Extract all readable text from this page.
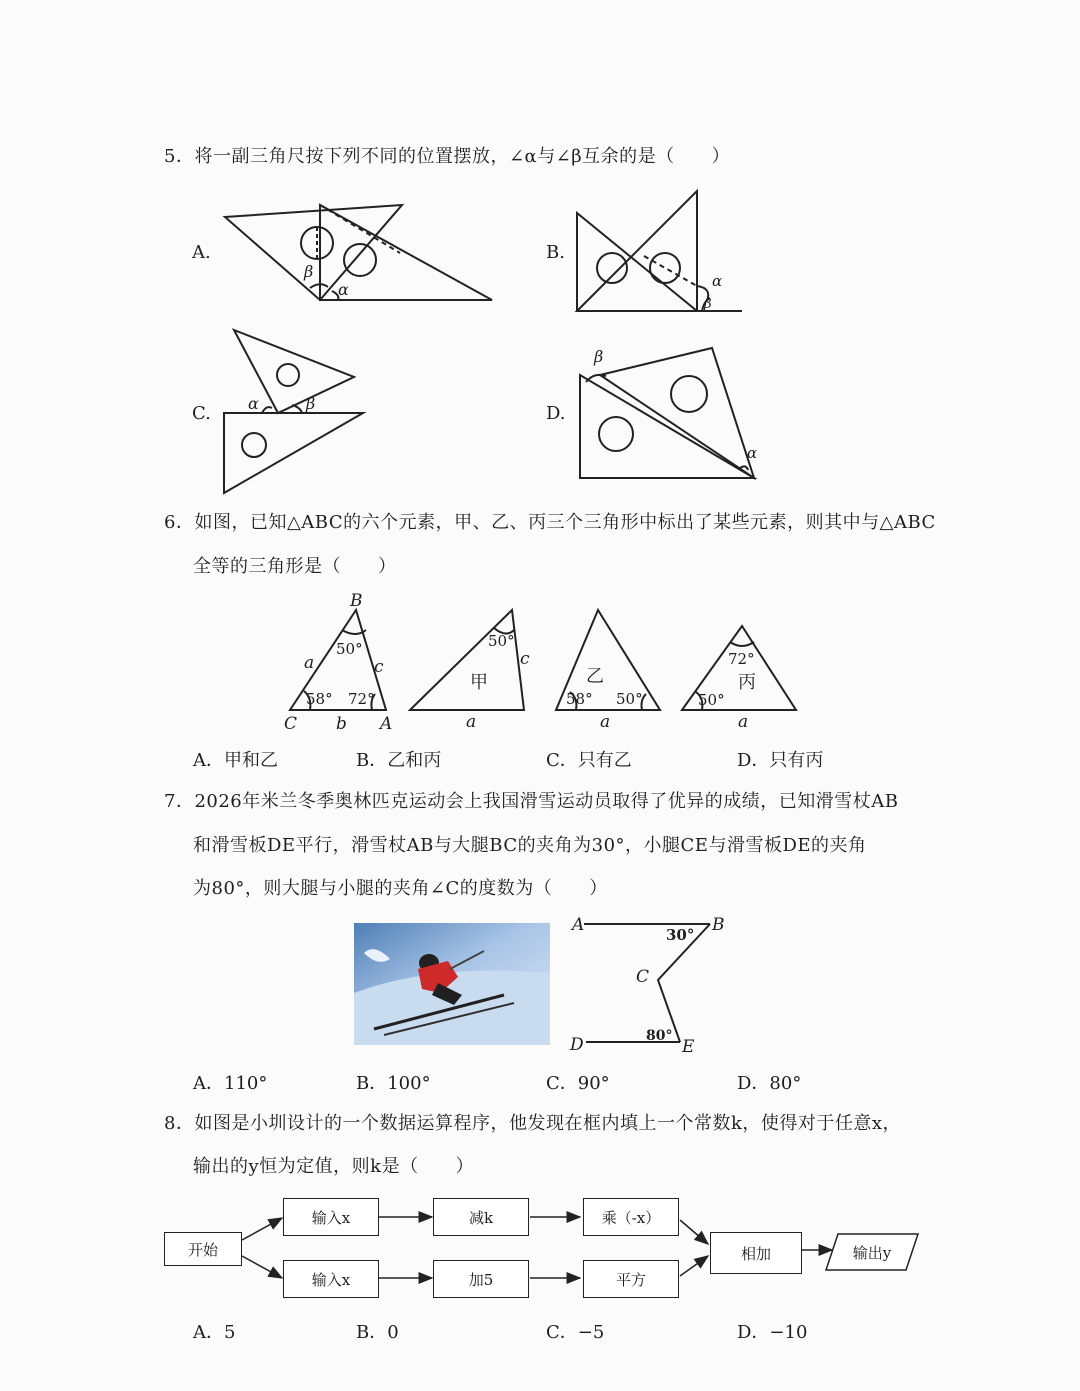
5．将一副三角尺按下列不同的位置摆放，∠α与∠β互余的是（　　）
A.	B.
C.	D.
β
α	α
β
α	β
β
α
6．如图，已知△ABC的六个元素，甲、乙、丙三个三角形中标出了某些元素，则其中与△ABC
全等的三角形是（　　）
B
C	A
a
b
c
50°
58° 72°
甲
50°
c
a
乙
58° 50°
a
丙
72°
50°
a
A．甲和乙	B．乙和丙	C．只有乙	D．只有丙
7．2026年米兰冬季奥林匹克运动会上我国滑雪运动员取得了优异的成绩，已知滑雪杖AB
和滑雪板DE平行，滑雪杖AB与大腿BC的夹角为30°，小腿CE与滑雪板DE的夹角
为80°，则大腿与小腿的夹角∠C的度数为（　　）
A	B
C
D	E
30°
80°
A．110°	B．100°	C．90°	D．80°
8．如图是小圳设计的一个数据运算程序，他发现在框内填上一个常数k，使得对于任意x，
输出的y恒为定值，则k是（　　）
开始
输入x	减k	乘（-x）
输入x	加5	平方
相加	输出y
A．5	B．0	C．−5	D．−10
